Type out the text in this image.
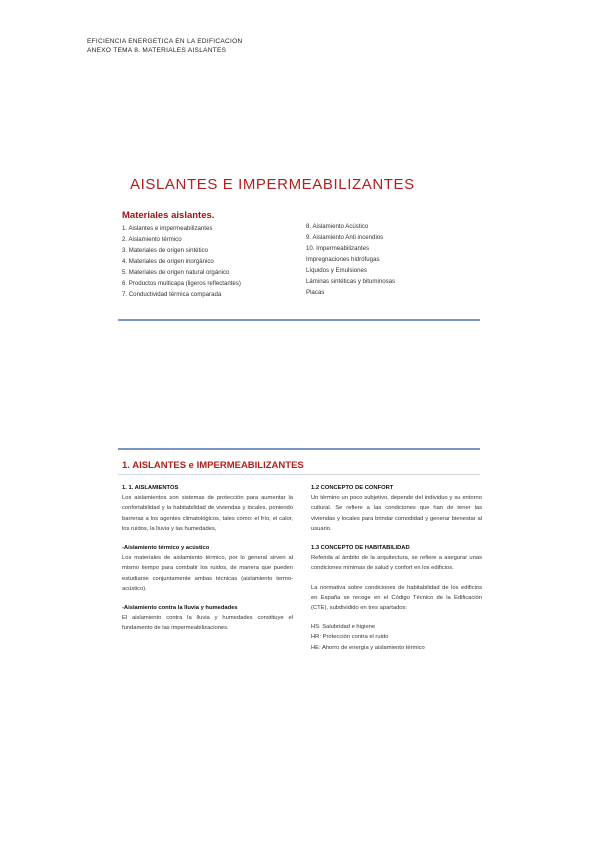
EFICIENCIA ENERGETICA EN LA EDIFICACION
ANEXO TEMA 8. MATERIALES AISLANTES
AISLANTES E IMPERMEABILIZANTES
Materiales aislantes.
1. Aislantes e impermeabilizantes
2. Aislamiento térmico
3. Materiales de origen sintético
4. Materiales de origen inorgánico
5. Materiales de origen natural orgánico
6. Productos multicapa (ligeros reflectantes)
7. Conductividad térmica comparada
8. Aislamiento Acústico
9. Aislamiento Anti incendios
10. Impermeabilizantes
Impregnaciones hidrófugas
Líquidos y Emulsiones
Láminas sintéticas y bituminosas
Placas
1. AISLANTES e IMPERMEABILIZANTES

1. 1. AISLAMIENTOS

Los aislamientos son sistemas de protección para aumentar la confortabilidad y la habitabilidad de viviendas y locales, poniendo barreras a los agentes climatológicos, tales cómo: el frío, el calor, los ruidos, la lluvia y las humedades,

-Aislamiento térmico y acústico

Los materiales de aislamiento térmico, por lo general sirven al mismo tiempo para combatir los ruidos, de manera que pueden estudiarse conjuntamente ambas técnicas (aislamiento termo-acústico).

-Aislamiento contra la lluvia y humedades

El aislamiento contra la lluvia y humedades constituye el fundamento de las impermeabilizaciones.

1.2 CONCEPTO DE CONFORT

Un término un poco subjetivo, depende del individuo y su entorno cultural. Se refiere a las condiciones que han de tener las viviendas y locales para brindar comodidad y generar bienestar al usuario.

1.3 CONCEPTO DE HABITABILIDAD

Referida al ámbito de la arquitectura, se refiere a asegurar unas condiciones mínimas de salud y confort en los edificios.

La normativa sobre condiciones de habitabilidad de los edificios en España se recoge en el Código Técnico de la Edificación (CTE), subdividido en tres apartados:

HS: Salubridad e higiene

HR: Protección contra el ruido

HE: Ahorro de energía y aislamiento térmico
